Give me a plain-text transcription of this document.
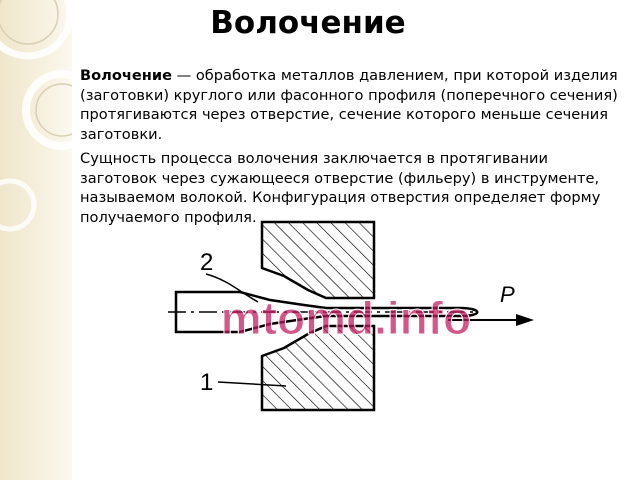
Волочение

Волочение — обработка металлов давлением, при которой изделия (заготовки) круглого или фасонного профиля (поперечного сечения) протягиваются через отверстие, сечение которого меньше сечения заготовки.

Сущность процесса волочения заключается в протягивании заготовок через сужающееся отверстие (фильеру) в инструменте, называемом волокой. Конфигурация отверстия определяет форму получаемого профиля.

P
2
1
mtomd.info
